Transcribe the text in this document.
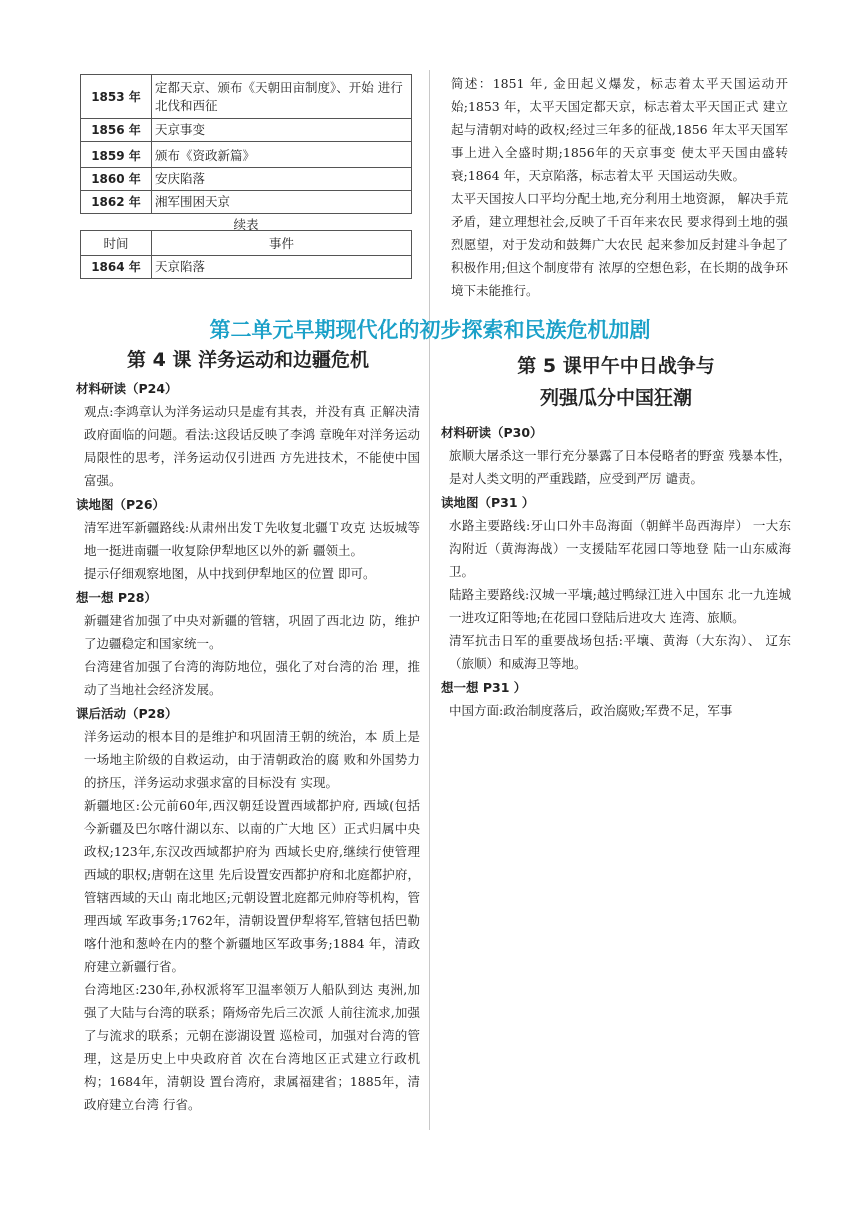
1853 年	定都天京、颁布《天朝田亩制度》、开始 进行北伐和西征
1856 年	天京事变
1859 年	颁布《资政新篇》
1860 年	安庆陷落
1862 年	湘军围困天京
续表
时间	事件
1864 年	天京陷落

简述：1851 年, 金田起义爆发，标志着太平天国运动开始;1853 年，太平天国定都天京，标志着太平天国正式 建立起与清朝对峙的政权;经过三年多的征战,1856 年太平天国军事上进入全盛时期;1856年的天京事变 使太平天国由盛转衰;1864 年，天京陷落，标志着太平 天国运动失败。

太平天国按人口平均分配土地,充分利用土地资源， 解决手荒矛盾，建立理想社会,反映了千百年来农民 要求得到土地的强烈愿望，对于发动和鼓舞广大农民 起来参加反封建斗争起了积极作用;但这个制度带有 浓厚的空想色彩，在长期的战争环境下未能推行。

第二单元早期现代化的初步探索和民族危机加剧
第 4 课 洋务运动和边疆危机

材料研读（P24）

观点:李鸿章认为洋务运动只是虚有其表，并没有真 正解决清政府面临的问题。看法:这段话反映了李鸿 章晚年对洋务运动局限性的思考，洋务运动仅引进西 方先进技术，不能使中国富强。

读地图（P26）

清军进军新疆路线:从肃州出发Ｔ先收复北疆Ｔ攻克 达坂城等地一挺进南疆一收复除伊犁地区以外的新 疆领土。

提示仔细观察地图，从中找到伊犁地区的位置 即可。

想一想 P28）

新疆建省加强了中央对新疆的管辖，巩固了西北边 防，维护了边疆稳定和国家统一。

台湾建省加强了台湾的海防地位，强化了对台湾的治 理，推动了当地社会经济发展。

课后活动（P28）

洋务运动的根本目的是维护和巩固清王朝的统治，本 质上是一场地主阶级的自救运动，由于清朝政治的腐 败和外国势力的挤压，洋务运动求强求富的目标没有 实现。

新疆地区:公元前60年,西汉朝廷设置西域都护府, 西域(包括今新疆及巴尔喀什湖以东、以南的广大地 区）正式归属中央政权;123年,东汉改西域都护府为 西域长史府,继续行使管理西域的职权;唐朝在这里 先后设置安西都护府和北庭都护府，管辖西域的天山 南北地区;元朝设置北庭都元帅府等机构，管理西域 军政事务;1762年，清朝设置伊犁将军,管辖包括巴勒 喀什池和葱岭在内的整个新疆地区军政事务;1884 年，清政府建立新疆行省。

台湾地区:230年,孙权派将军卫温率领万人船队到达 夷洲,加强了大陆与台湾的联系；隋炀帝先后三次派 人前往流求,加强了与流求的联系；元朝在澎湖设置 巡检司，加强对台湾的管理，这是历史上中央政府首 次在台湾地区正式建立行政机构；1684年，清朝设 置台湾府，隶属福建省；1885年，清政府建立台湾 行省。

第 5 课甲午中日战争与
列强瓜分中国狂潮

材料研读（P30）

旅顺大屠杀这一罪行充分暴露了日本侵略者的野蛮 残暴本性，是对人类文明的严重践踏，应受到严厉 谴责。

读地图（P31 ）

水路主要路线:牙山口外丰岛海面（朝鲜半岛西海岸） 一大东沟附近（黄海海战）一支援陆军花园口等地登 陆一山东威海卫。

陆路主要路线:汉城一平壤;越过鸭绿江进入中国东 北一九连城一进攻辽阳等地;在花园口登陆后进攻大 连湾、旅顺。

清军抗击日军的重要战场包括:平壤、黄海（大东沟）、 辽东（旅顺）和威海卫等地。

想一想 P31 ）

中国方面:政治制度落后，政治腐败;军费不足，军事
